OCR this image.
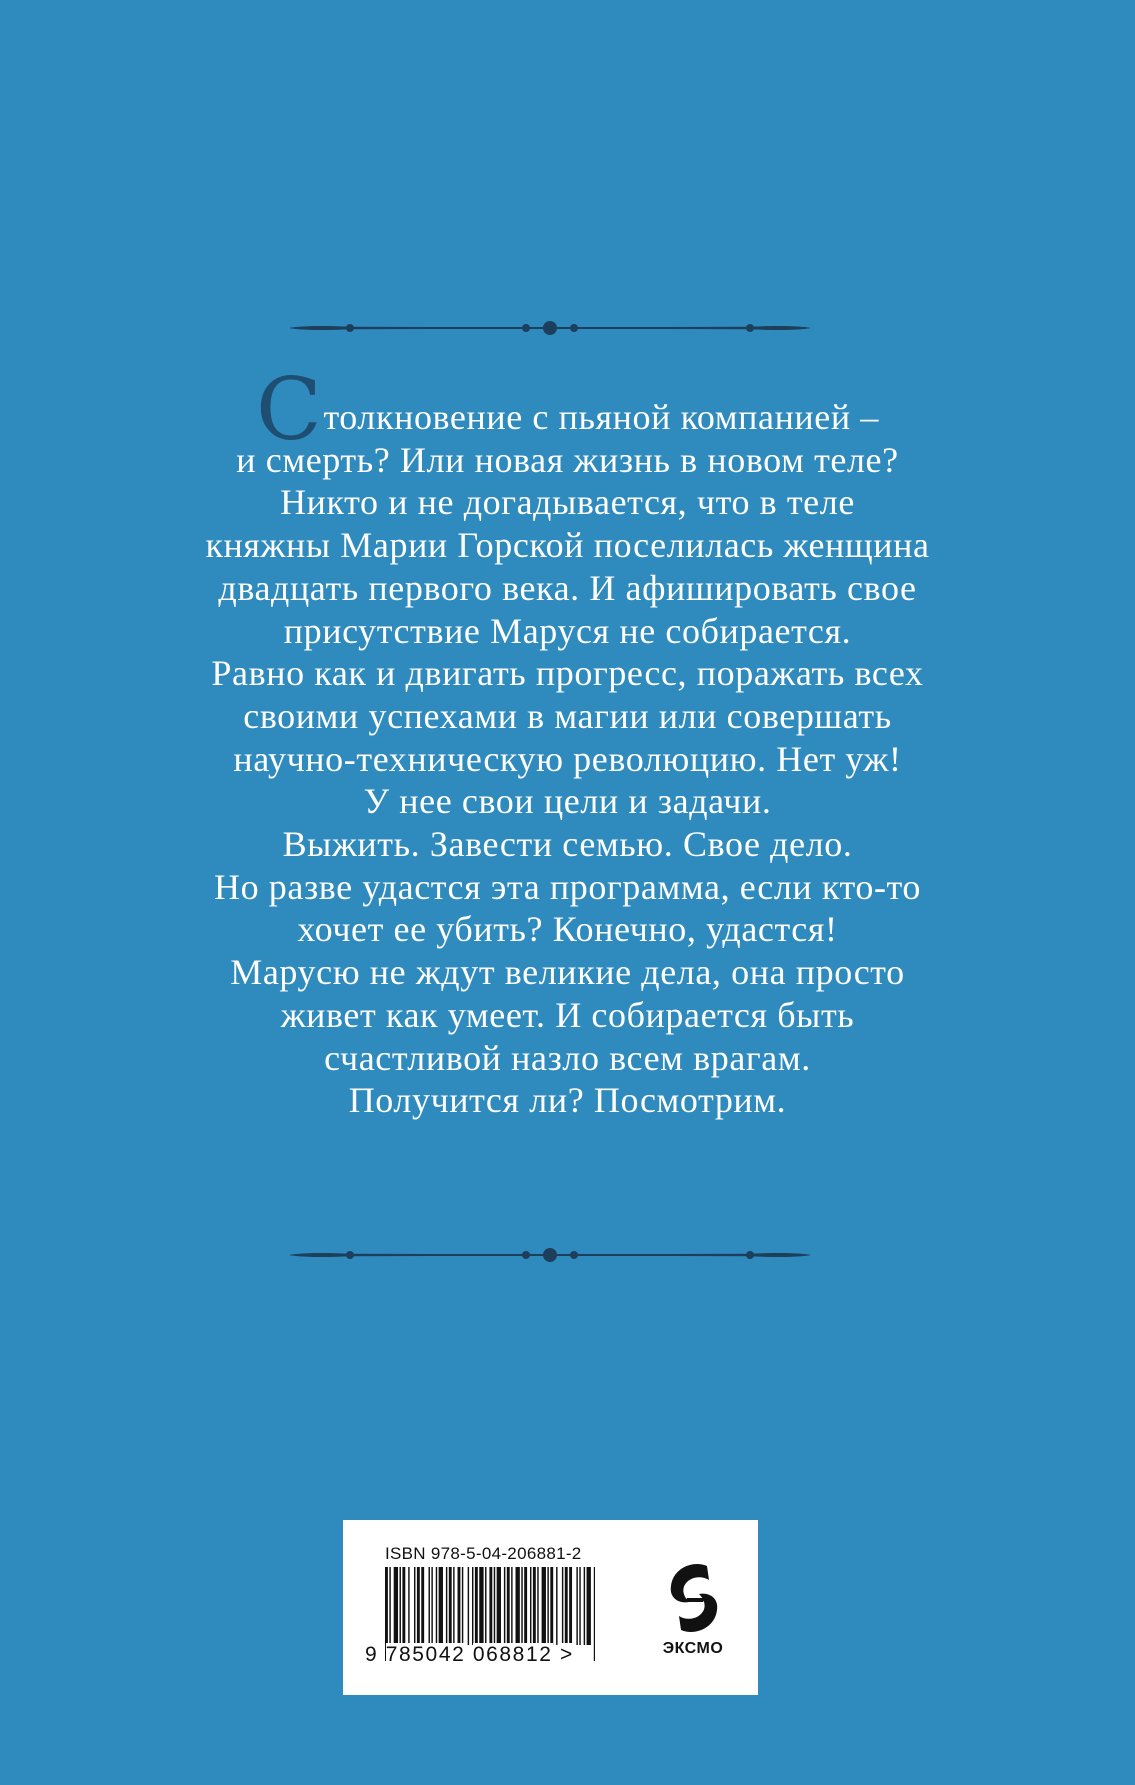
Столкновение с пьяной компанией –
и смерть? Или новая жизнь в новом теле?
Никто и не догадывается, что в теле
княжны Марии Горской поселилась женщина
двадцать первого века. И афишировать свое
присутствие Маруся не собирается.
Равно как и двигать прогресс, поражать всех
своими успехами в магии или совершать
научно-техническую революцию. Нет уж!
У нее свои цели и задачи.
Выжить. Завести семью. Свое дело.
Но разве удастся эта программа, если кто-то
хочет ее убить? Конечно, удастся!
Марусю не ждут великие дела, она просто
живет как умеет. И собирается быть
счастливой назло всем врагам.
Получится ли? Посмотрим.
ISBN 978-5-04-206881-2
9 785042 068812 >	ЭКСМО
